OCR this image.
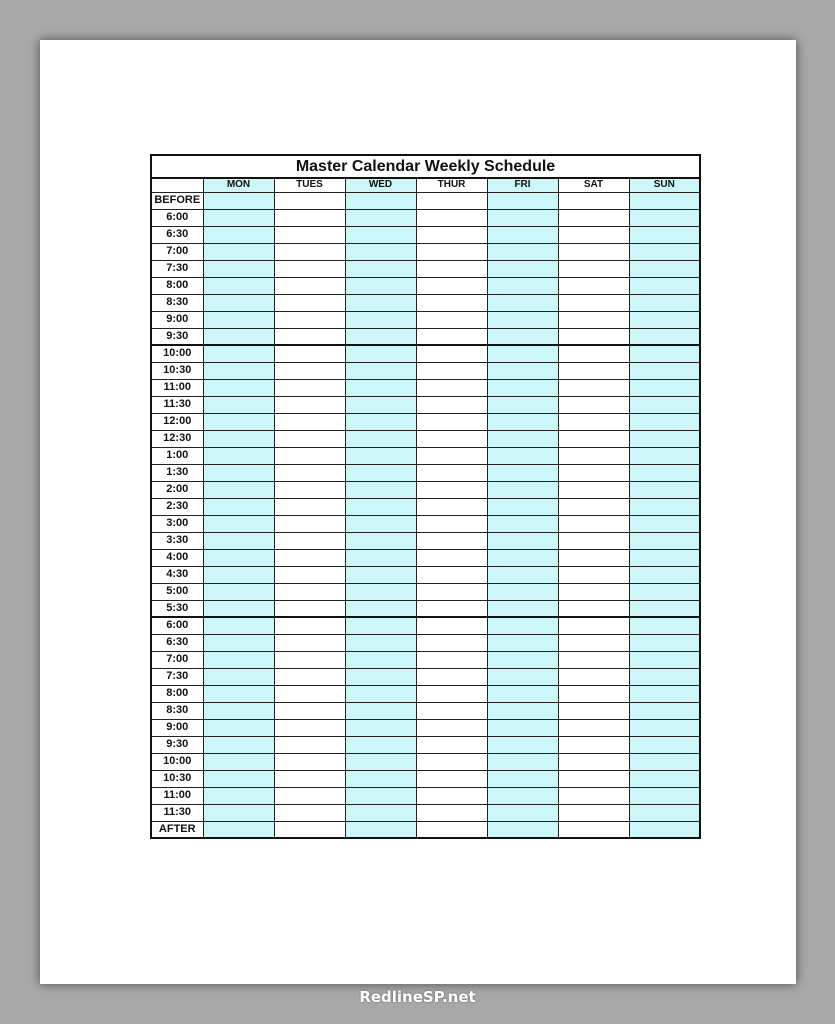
Master Calendar Weekly Schedule							
	MON	TUES	WED	THUR	FRI	SAT	SUN
BEFORE							
6:00							
6:30							
7:00							
7:30							
8:00							
8:30							
9:00							
9:30							
10:00							
10:30							
11:00							
11:30							
12:00							
12:30							
1:00							
1:30							
2:00							
2:30							
3:00							
3:30							
4:00							
4:30							
5:00							
5:30							
6:00							
6:30							
7:00							
7:30							
8:00							
8:30							
9:00							
9:30							
10:00							
10:30							
11:00							
11:30							
AFTER							
RedlineSP.net
